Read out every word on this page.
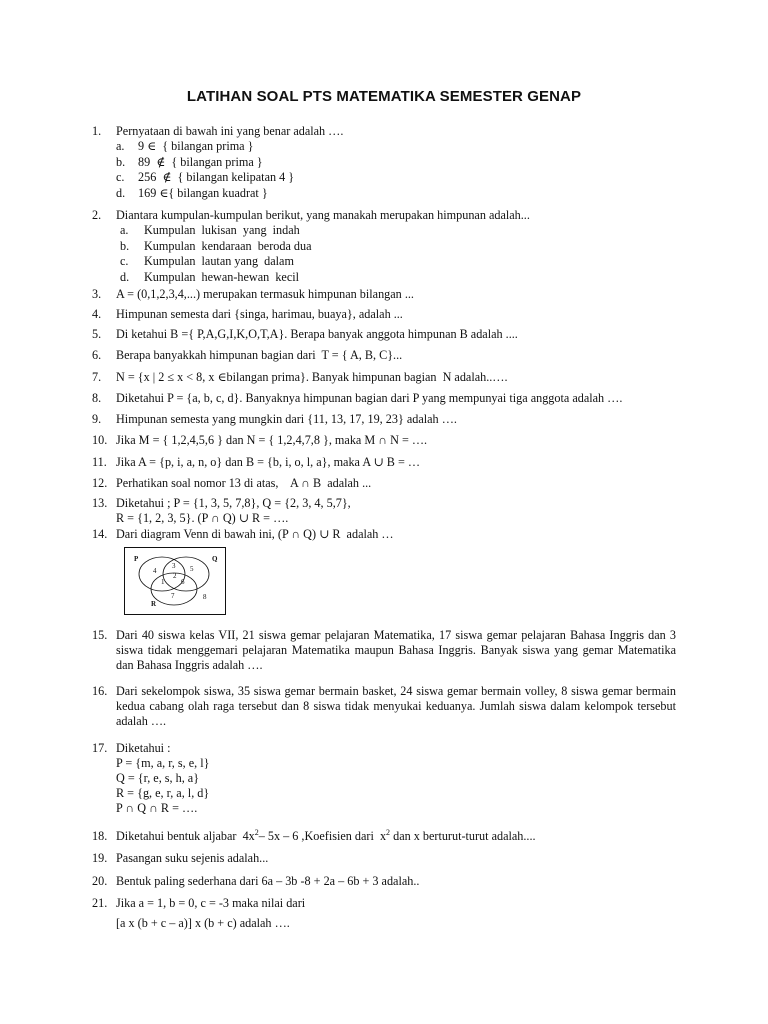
LATIHAN SOAL PTS MATEMATIKA SEMESTER GENAP
1.	Pernyataan di bawah ini yang benar adalah ….
a. 9 ∈  { bilangan prima }
b. 89  ∉  { bilangan prima }
c. 256  ∉  { bilangan kelipatan 4 }
d. 169 ∈{ bilangan kuadrat }
2.	Diantara kumpulan-kumpulan berikut, yang manakah merupakan himpunan adalah...
a. Kumpulan  lukisan  yang  indah
b. Kumpulan  kendaraan  beroda dua
c. Kumpulan  lautan yang  dalam
d. Kumpulan  hewan-hewan  kecil
3.	A = (0,1,2,3,4,...) merupakan termasuk himpunan bilangan ...
4.	Himpunan semesta dari {singa, harimau, buaya}, adalah ...
5.	Di ketahui B ={ P,A,G,I,K,O,T,A}. Berapa banyak anggota himpunan B adalah ....
6.	Berapa banyakkah himpunan bagian dari  T = { A, B, C}...
7.	N = {x | 2 ≤ x < 8, x ∈bilangan prima}. Banyak himpunan bagian  N adalah..….
8.	Diketahui P = {a, b, c, d}. Banyaknya himpunan bagian dari P yang mempunyai tiga anggota adalah ….
9.	Himpunan semesta yang mungkin dari {11, 13, 17, 19, 23} adalah ….
10. Jika M = { 1,2,4,5,6 } dan N = { 1,2,4,7,8 }, maka M ∩ N = ….
11. Jika A = {p, i, a, n, o} dan B = {b, i, o, l, a}, maka A ∪ B = …
12. Perhatikan soal nomor 13 di atas,    A ∩ B  adalah ...
13. Diketahui ; P = {1, 3, 5, 7,8}, Q = {2, 3, 4, 5,7},
R = {1, 2, 3, 5}. (P ∩ Q) ∪ R = ….
14. Dari diagram Venn di bawah ini, (P ∩ Q) ∪ R  adalah …
P	Q
R
4
3 5
2
1 6
7	8
15. Dari 40 siswa kelas VII, 21 siswa gemar pelajaran Matematika, 17 siswa gemar pelajaran Bahasa Inggris dan 3 siswa tidak menggemari pelajaran Matematika maupun Bahasa Inggris. Banyak siswa yang gemar Matematika dan Bahasa Inggris adalah ….
16. Dari sekelompok siswa, 35 siswa gemar bermain basket, 24 siswa gemar bermain volley, 8 siswa gemar bermain kedua cabang olah raga tersebut dan 8 siswa tidak menyukai keduanya. Jumlah siswa dalam kelompok tersebut adalah ….
17. Diketahui :
P = {m, a, r, s, e, l}
Q = {r, e, s, h, a}
R = {g, e, r, a, l, d}
P ∩ Q ∩ R = ….
18. Diketahui bentuk aljabar  $4x^2-$ 5x – 6 ,Koefisien dari  $x^2$ dan x berturut-turut adalah....
19. Pasangan suku sejenis adalah...
20. Bentuk paling sederhana dari 6a – 3b -8 + 2a – 6b + 3 adalah..
21. Jika a = 1, b = 0, c = -3 maka nilai dari
[a x (b + c – a)] x (b + c) adalah ….
